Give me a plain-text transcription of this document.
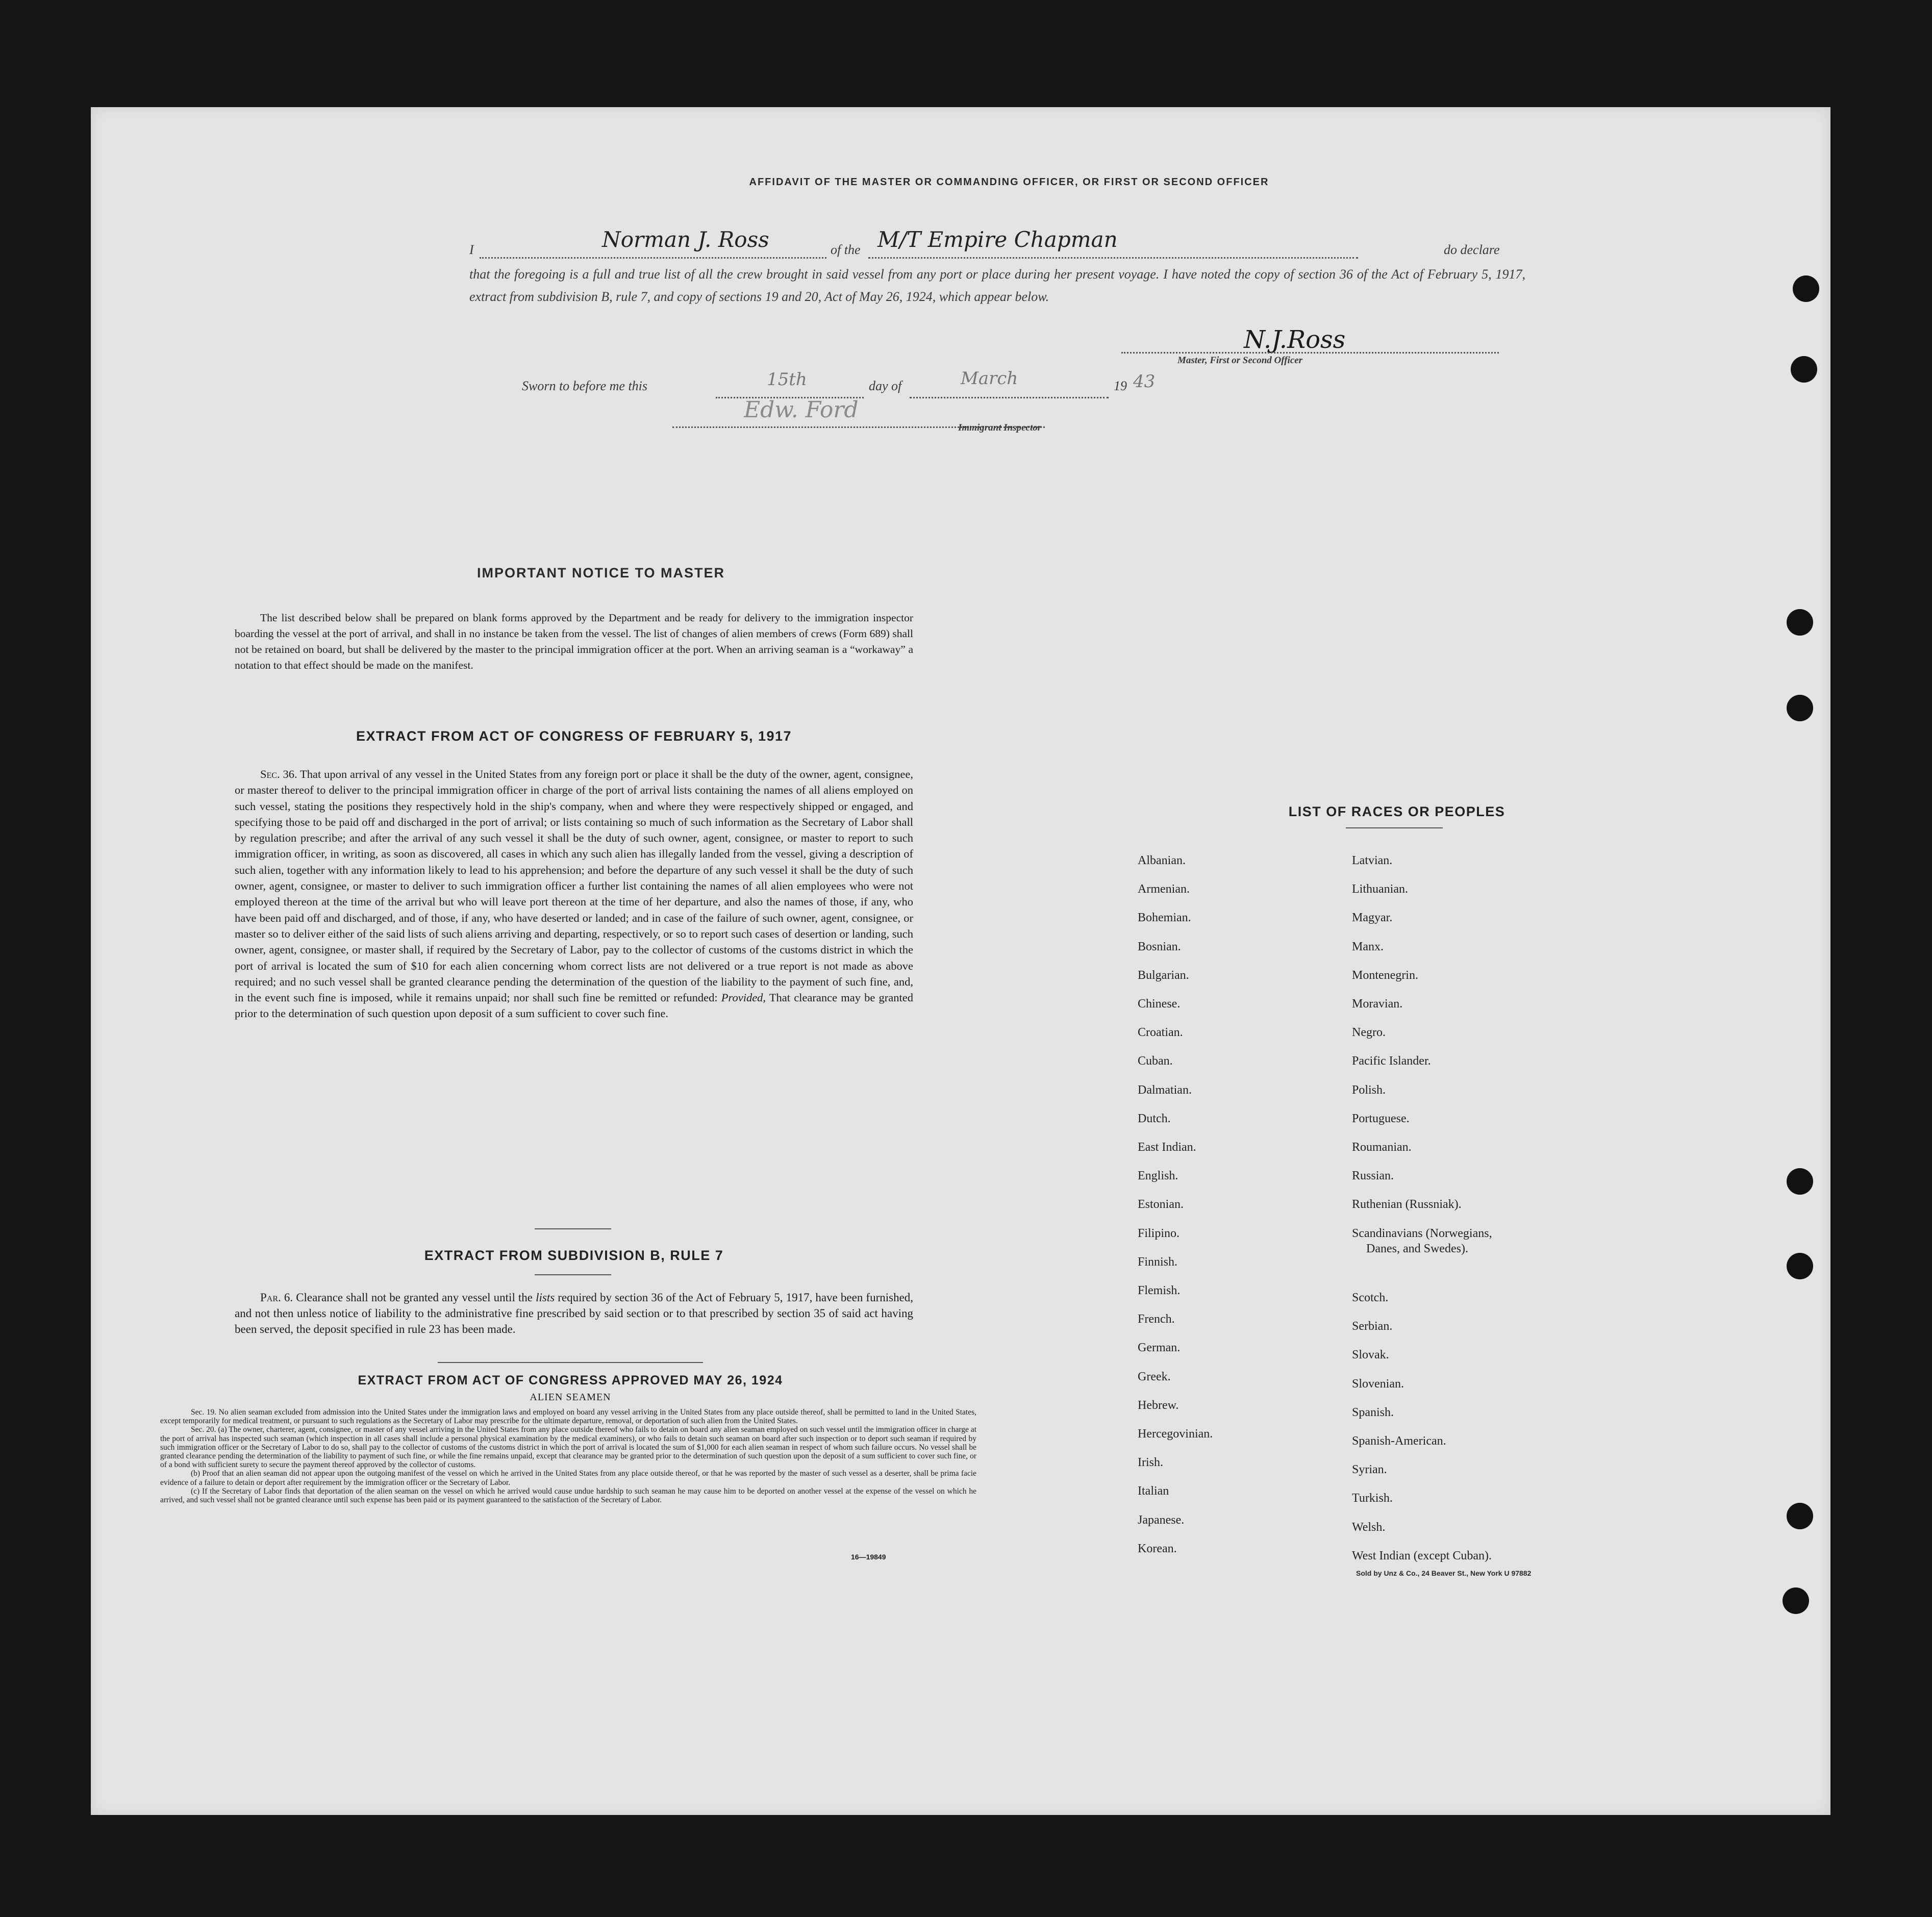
AFFIDAVIT OF THE MASTER OR COMMANDING OFFICER, OR FIRST OR SECOND OFFICER
I	Norman J. Ross	of the M/T Empire Chapman	do declare
that the foregoing is a full and true list of all the crew brought in said vessel from any port or place during her present voyage. I have noted the copy of section 36 of the Act of February 5, 1917, extract from subdivision B, rule 7, and copy of sections 19 and 20, Act of May 26, 1924, which appear below.
N.J.Ross
Master, First or Second Officer
Sworn to before me this	15th	day of	March	19 43
Edw. Ford
Immigrant Inspector
IMPORTANT NOTICE TO MASTER
The list described below shall be prepared on blank forms approved by the Department and be ready for delivery to the immigration inspector boarding the vessel at the port of arrival, and shall in no instance be taken from the vessel. The list of changes of alien members of crews (Form 689) shall not be retained on board, but shall be delivered by the master to the principal immigration officer at the port. When an arriving seaman is a “workaway” a notation to that effect should be made on the manifest.
EXTRACT FROM ACT OF CONGRESS OF FEBRUARY 5, 1917
Sec. 36. That upon arrival of any vessel in the United States from any foreign port or place it shall be the duty of the owner, agent, consignee, or master thereof to deliver to the principal immigration officer in charge of the port of arrival lists containing the names of all aliens employed on such vessel, stating the positions they respectively hold in the ship's company, when and where they were respectively shipped or engaged, and specifying those to be paid off and discharged in the port of arrival; or lists containing so much of such information as the Secretary of Labor shall by regulation prescribe; and after the arrival of any such vessel it shall be the duty of such owner, agent, consignee, or master to report to such immigration officer, in writing, as soon as discovered, all cases in which any such alien has illegally landed from the vessel, giving a description of such alien, together with any information likely to lead to his apprehension; and before the departure of any such vessel it shall be the duty of such owner, agent, consignee, or master to deliver to such immigration officer a further list containing the names of all alien employees who were not employed thereon at the time of the arrival but who will leave port thereon at the time of her departure, and also the names of those, if any, who have been paid off and discharged, and of those, if any, who have deserted or landed; and in case of the failure of such owner, agent, consignee, or master so to deliver either of the said lists of such aliens arriving and departing, respectively, or so to report such cases of desertion or landing, such owner, agent, consignee, or master shall, if required by the Secretary of Labor, pay to the collector of customs of the customs district in which the port of arrival is located the sum of $10 for each alien concerning whom correct lists are not delivered or a true report is not made as above required; and no such vessel shall be granted clearance pending the determination of the question of the liability to the payment of such fine, and, in the event such fine is imposed, while it remains unpaid; nor shall such fine be remitted or refunded: Provided, That clearance may be granted prior to the determination of such question upon deposit of a sum sufficient to cover such fine.
EXTRACT FROM SUBDIVISION B, RULE 7
Par. 6. Clearance shall not be granted any vessel until the lists required by section 36 of the Act of February 5, 1917, have been furnished, and not then unless notice of liability to the administrative fine prescribed by said section or to that prescribed by section 35 of said act having been served, the deposit specified in rule 23 has been made.
EXTRACT FROM ACT OF CONGRESS APPROVED MAY 26, 1924
ALIEN SEAMEN
Sec. 19. No alien seaman excluded from admission into the United States under the immigration laws and employed on board any vessel arriving in the United States from any place outside thereof, shall be permitted to land in the United States, except temporarily for medical treatment, or pursuant to such regulations as the Secretary of Labor may prescribe for the ultimate departure, removal, or deportation of such alien from the United States.
Sec. 20. (a) The owner, charterer, agent, consignee, or master of any vessel arriving in the United States from any place outside thereof who fails to detain on board any alien seaman employed on such vessel until the immigration officer in charge at the port of arrival has inspected such seaman (which inspection in all cases shall include a personal physical examination by the medical examiners), or who fails to detain such seaman on board after such inspection or to deport such seaman if required by such immigration officer or the Secretary of Labor to do so, shall pay to the collector of customs of the customs district in which the port of arrival is located the sum of $1,000 for each alien seaman in respect of whom such failure occurs. No vessel shall be granted clearance pending the determination of the liability to payment of such fine, or while the fine remains unpaid, except that clearance may be granted prior to the determination of such question upon the deposit of a sum sufficient to cover such fine, or of a bond with sufficient surety to secure the payment thereof approved by the collector of customs.
(b) Proof that an alien seaman did not appear upon the outgoing manifest of the vessel on which he arrived in the United States from any place outside thereof, or that he was reported by the master of such vessel as a deserter, shall be prima facie evidence of a failure to detain or deport after requirement by the immigration officer or the Secretary of Labor.
(c) If the Secretary of Labor finds that deportation of the alien seaman on the vessel on which he arrived would cause undue hardship to such seaman he may cause him to be deported on another vessel at the expense of the vessel on which he arrived, and such vessel shall not be granted clearance until such expense has been paid or its payment guaranteed to the satisfaction of the Secretary of Labor.
16—19849
LIST OF RACES OR PEOPLES
Sold by Unz & Co., 24 Beaver St., New York U 97882
Albanian.
Armenian.
Bohemian.
Bosnian.
Bulgarian.
Chinese.
Croatian.
Cuban.
Dalmatian.
Dutch.
East Indian.
English.
Estonian.
Filipino.
Finnish.
Flemish.
French.
German.
Greek.
Hebrew.
Hercegovinian.
Irish.
Italian
Japanese.
Korean.
Latvian.
Lithuanian.
Magyar.
Manx.
Montenegrin.
Moravian.
Negro.
Pacific Islander.
Polish.
Portuguese.
Roumanian.
Russian.
Ruthenian (Russniak).
Scandinavians (Norwegians,
Danes, and Swedes).
Scotch.
Serbian.
Slovak.
Slovenian.
Spanish.
Spanish-American.
Syrian.
Turkish.
Welsh.
West Indian (except Cuban).
